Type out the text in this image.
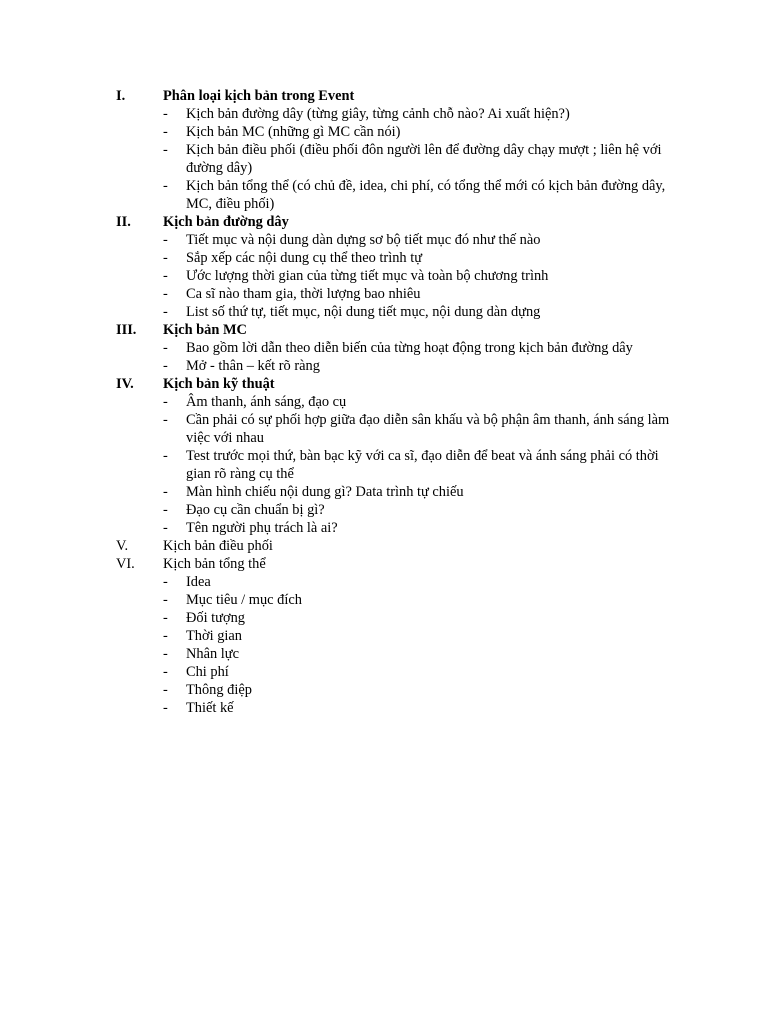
I.	Phân loại kịch bản trong Event
- Kịch bản đường dây (từng giây, từng cảnh chỗ nào? Ai xuất hiện?)
- Kịch bản MC (những gì MC cần nói)
- Kịch bản điều phối (điều phối đôn người lên để đường dây chạy mượt ; liên hệ với đường dây)
- Kịch bản tổng thể (có chủ đề, idea, chi phí, có tổng thể mới có kịch bản đường dây, MC, điều phối)
II. Kịch bản đường dây
- Tiết mục và nội dung dàn dựng sơ bộ tiết mục đó như thế nào
- Sắp xếp các nội dung cụ thể theo trình tự
- Ước lượng thời gian của từng tiết mục và toàn bộ chương trình
- Ca sĩ nào tham gia, thời lượng bao nhiêu
- List số thứ tự, tiết mục, nội dung tiết mục, nội dung dàn dựng
III. Kịch bản MC
- Bao gồm lời dẫn theo diễn biến của từng hoạt động trong kịch bản đường dây
- Mở - thân – kết rõ ràng
IV. Kịch bản kỹ thuật
- Âm thanh, ánh sáng, đạo cụ
- Cần phải có sự phối hợp giữa đạo diễn sân khấu và bộ phận âm thanh, ánh sáng làm việc với nhau
- Test trước mọi thứ, bàn bạc kỹ với ca sĩ, đạo diễn để beat và ánh sáng phải có thời gian rõ ràng cụ thể
- Màn hình chiếu nội dung gì? Data trình tự chiếu
- Đạo cụ cần chuẩn bị gì?
- Tên người phụ trách là ai?
V. Kịch bản điều phối
VI. Kịch bản tổng thể
- Idea
- Mục tiêu / mục đích
- Đối tượng
- Thời gian
- Nhân lực
- Chi phí
- Thông điệp
- Thiết kế
